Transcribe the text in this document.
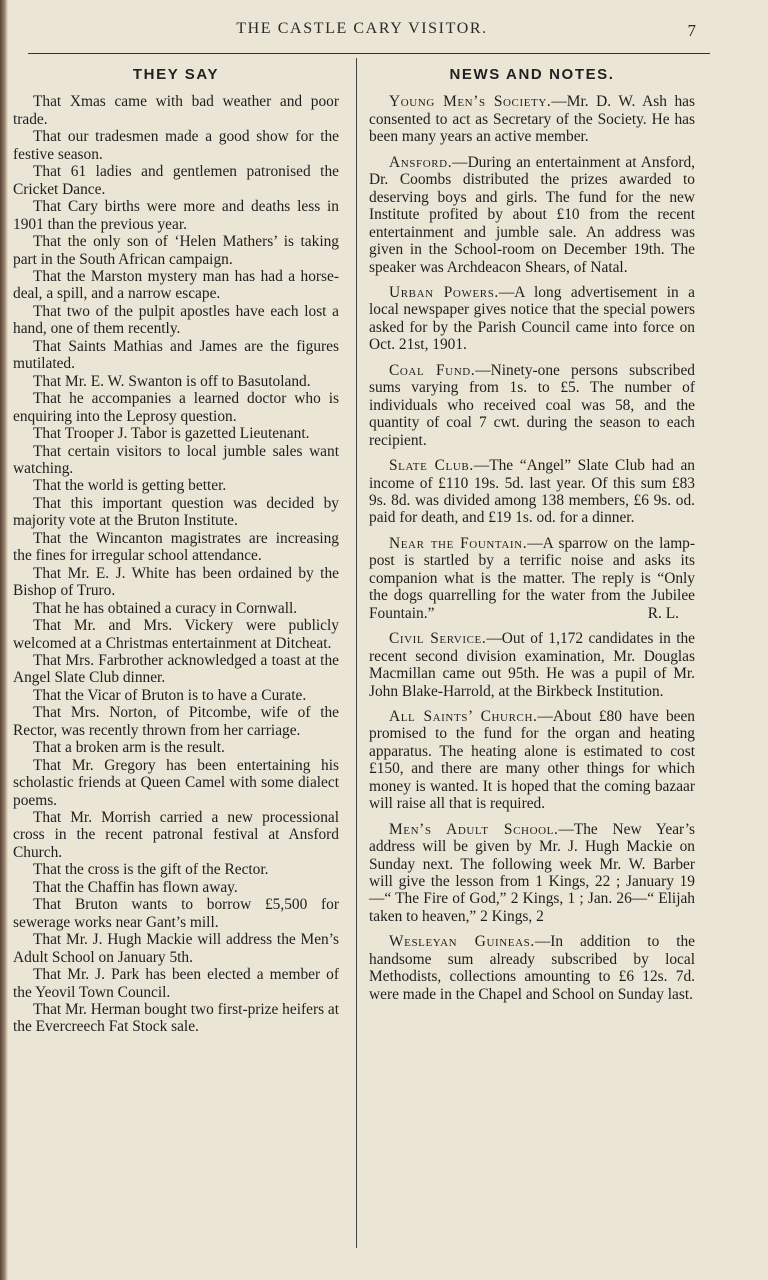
THE CASTLE CARY VISITOR.	7
THEY SAY

That Xmas came with bad weather and poor trade.

That our tradesmen made a good show for the festive season.

That 61 ladies and gentlemen patronised the Cricket Dance.

That Cary births were more and deaths less in 1901 than the previous year.

That the only son of ‘Helen Mathers’ is taking part in the South African campaign.

That the Marston mystery man has had a horse-deal, a spill, and a narrow escape.

That two of the pulpit apostles have each lost a hand, one of them recently.

That Saints Mathias and James are the figures mutilated.

That Mr. E. W. Swanton is off to Basutoland.

That he accompanies a learned doctor who is enquiring into the Leprosy question.

That Trooper J. Tabor is gazetted Lieutenant.

That certain visitors to local jumble sales want watching.

That the world is getting better.

That this important question was decided by majority vote at the Bruton Institute.

That the Wincanton magistrates are increasing the fines for irregular school attendance.

That Mr. E. J. White has been ordained by the Bishop of Truro.

That he has obtained a curacy in Cornwall.

That Mr. and Mrs. Vickery were publicly welcomed at a Christmas entertainment at Ditcheat.

That Mrs. Farbrother acknowledged a toast at the Angel Slate Club dinner.

That the Vicar of Bruton is to have a Curate.

That Mrs. Norton, of Pitcombe, wife of the Rector, was recently thrown from her carriage.

That a broken arm is the result.

That Mr. Gregory has been entertaining his scholastic friends at Queen Camel with some dialect poems.

That Mr. Morrish carried a new processional cross in the recent patronal festival at Ansford Church.

That the cross is the gift of the Rector.

That the Chaffin has flown away.

That Bruton wants to borrow £5,500 for sewerage works near Gant’s mill.

That Mr. J. Hugh Mackie will address the Men’s Adult School on January 5th.

That Mr. J. Park has been elected a member of the Yeovil Town Council.

That Mr. Herman bought two first-prize heifers at the Evercreech Fat Stock sale.

NEWS AND NOTES.

Young Men’s Society.—Mr. D. W. Ash has consented to act as Secretary of the Society. He has been many years an active member.

Ansford.—During an entertainment at Ansford, Dr. Coombs distributed the prizes awarded to deserving boys and girls. The fund for the new Institute profited by about £10 from the recent entertainment and jumble sale. An address was given in the School-room on December 19th. The speaker was Archdeacon Shears, of Natal.

Urban Powers.—A long advertisement in a local newspaper gives notice that the special powers asked for by the Parish Council came into force on Oct. 21st, 1901.

Coal Fund.—Ninety-one persons subscribed sums varying from 1s. to £5. The number of individuals who received coal was 58, and the quantity of coal 7 cwt. during the season to each recipient.

Slate Club.—The “Angel” Slate Club had an income of £110 19s. 5d. last year. Of this sum £83 9s. 8d. was divided among 138 members, £6 9s. od. paid for death, and £19 1s. od. for a dinner.

Near the Fountain.—A sparrow on the lamp-post is startled by a terrific noise and asks its companion what is the matter. The reply is “Only the dogs quarrelling for the water from the Jubilee Fountain.”	R. L.

Civil Service.—Out of 1,172 candidates in the recent second division examination, Mr. Douglas Macmillan came out 95th. He was a pupil of Mr. John Blake-Harrold, at the Birkbeck Institution.

All Saints’ Church.—About £80 have been promised to the fund for the organ and heating apparatus. The heating alone is estimated to cost £150, and there are many other things for which money is wanted. It is hoped that the coming bazaar will raise all that is required.

Men’s Adult School.—The New Year’s address will be given by Mr. J. Hugh Mackie on Sunday next. The following week Mr. W. Barber will give the lesson from 1 Kings, 22 ; January 19 —“ The Fire of God,” 2 Kings, 1 ; Jan. 26—“ Elijah taken to heaven,” 2 Kings, 2

Wesleyan Guineas.—In addition to the handsome sum already subscribed by local Methodists, collections amounting to £6 12s. 7d. were made in the Chapel and School on Sunday last.
